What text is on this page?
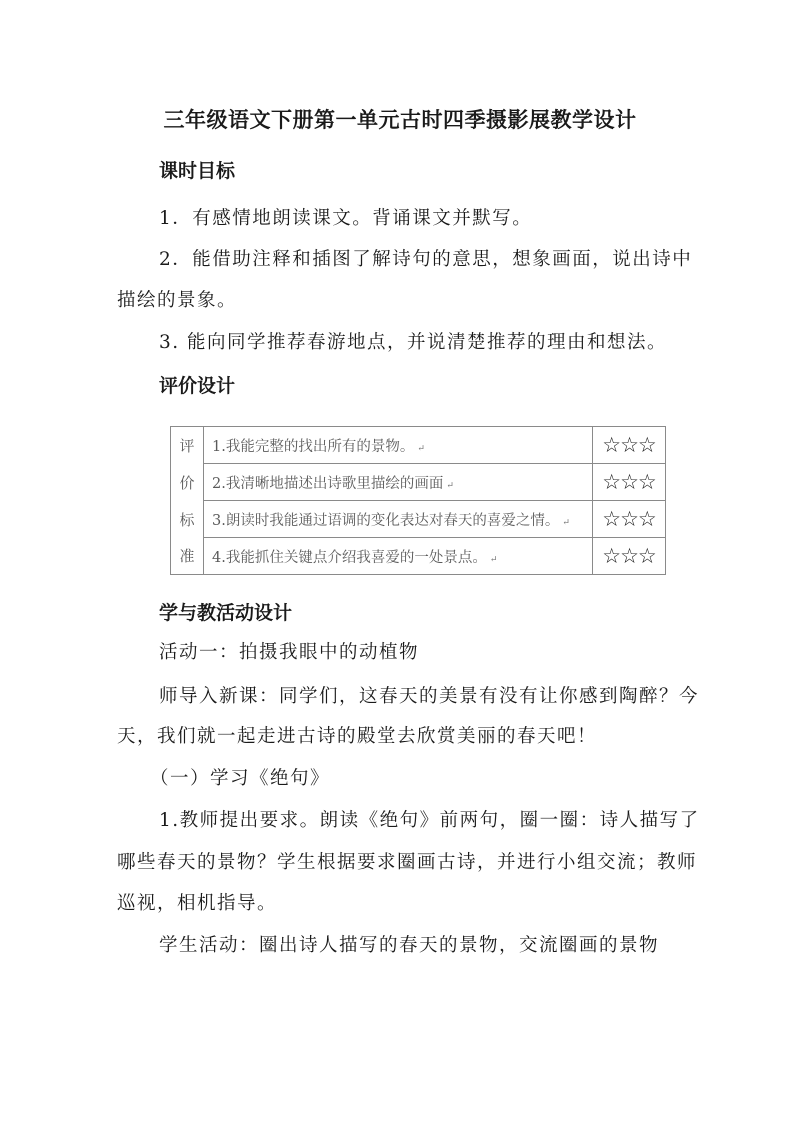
三年级语文下册第一单元古时四季摄影展教学设计
课时目标
1．有感情地朗读课文。背诵课文并默写。
2．能借助注释和插图了解诗句的意思，想象画面，说出诗中
描绘的景象。
3. 能向同学推荐春游地点，并说清楚推荐的理由和想法。
评价设计
评	1.我能完整的找出所有的景物。 ↵	☆☆☆
价	2.我清晰地描述出诗歌里描绘的画面 ↵	☆☆☆
标	3.朗读时我能通过语调的变化表达对春天的喜爱之情。 ↵	☆☆☆
准	4.我能抓住关键点介绍我喜爱的一处景点。 ↵	☆☆☆
学与教活动设计
活动一：拍摄我眼中的动植物
师导入新课：同学们，这春天的美景有没有让你感到陶醉？今
天，我们就一起走进古诗的殿堂去欣赏美丽的春天吧！
（一）学习《绝句》
1.教师提出要求。朗读《绝句》前两句，圈一圈：诗人描写了
哪些春天的景物？学生根据要求圈画古诗，并进行小组交流；教师
巡视，相机指导。
学生活动：圈出诗人描写的春天的景物，交流圈画的景物
